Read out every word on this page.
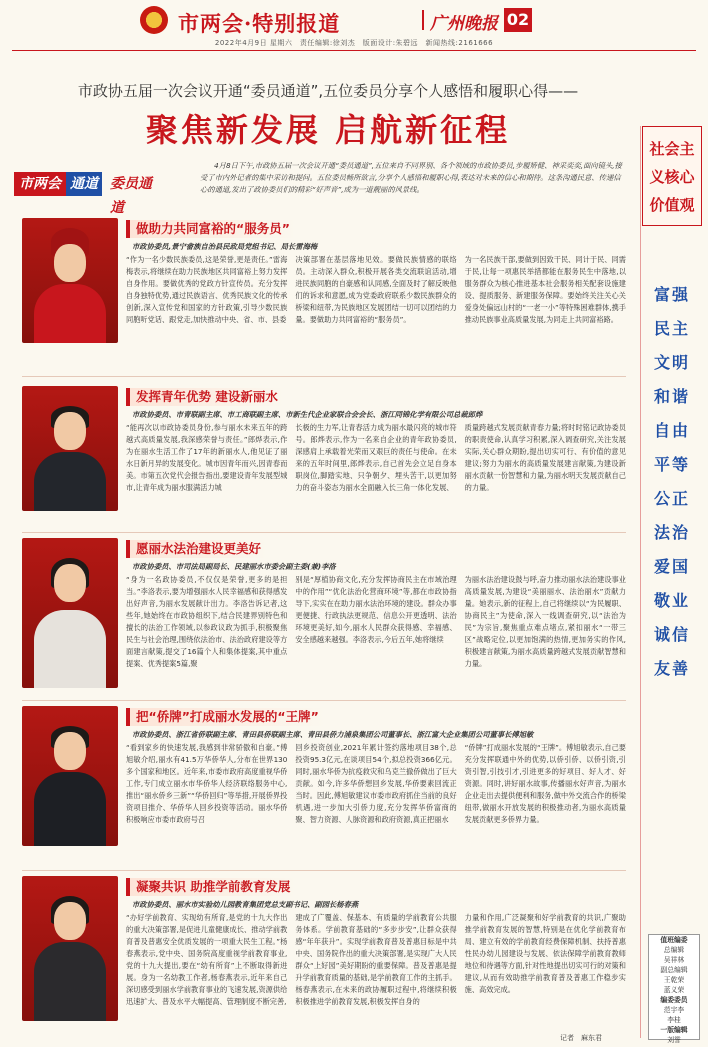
市两会·特别报道	广州晚报 02
2022年4月9日 星期六　责任编辑:徐刘杰　版面设计:朱碧远　新闻热线:2161666
市政协五届一次会议开通“委员通道”,五位委员分享个人感悟和履职心得——
聚焦新发展 启航新征程
市两会 通道 委员通道

4月8日下午,市政协五届一次会议开通“委员通道”,五位来自不同界别、各个领域的市政协委员,步履矫健、神采奕奕,面向镜头,接受了市内外记者的集中采访和提问。五位委员畅所欲言,分享个人感悟和履职心得,表达对未来的信心和期待。这条沟通民意、传递信心的通道,发出了政协委员们的精彩“好声音”,成为一道靓丽的风景线。

社会主义核心价值观
富强
民主
文明
和谐
自由
平等
公正
法治
爱国
敬业
诚信
友善
值班编委
总编辑
吴祥林
副总编辑
王乾荣
蓝义荣
编委委员
范宇李
李桂
一版编辑
刘誉
做助力共同富裕的“服务员”
市政协委员,景宁畲族自治县民政局党组书记、局长雷海梅

“作为一名少数民族委员,这是荣誉,更是责任。”雷海梅表示,将继续在助力民族地区共同富裕上努力发挥自身作用。要做优秀的党政方针宣传员。充分发挥自身独特优势,通过民族语言、优秀民族文化的传承创新,深入宣传党和国家的方针政策,引导少数民族同胞听党话、跟党走,加快推动中央、省、市、县委

决策部署在基层落地见效。要做民族情感的联络员。主动深入群众,积极开展各类交流联谊活动,增进民族同胞的自豪感和认同感,全面及时了解反映他们的诉求和意愿,成为党委政府联系少数民族群众的桥梁和纽带,为民族地区发展团结一切可以团结的力量。要做助力共同富裕的“服务员”。

为一名民族干部,要做到因致干民、同计于民、同需于民,让每一项惠民举措都能在服务民生中落地,以服务群众为核心推进基本社会服务相关配套设施建设、提质服务、新建服务保障。要始终关注关心关爱身处偏远山村的“一老一小”等特殊困难群体,携手推动民族事业高质量发展,为同走上共同富裕路。

发挥青年优势 建设新丽水
市政协委员、市青联副主席、市工商联副主席、市新生代企业家联合会会长、浙江同锦化学有限公司总裁郎烨

“能再次以市政协委员身份,参与丽水未来五年的跨越式高质量发展,我深感荣誉与责任。”郎烨表示,作为在丽水生活工作了17年的新丽水人,他见证了丽水日新月异的发展变化。城市因青年而兴,因青春而美。市第五次党代会报告指出,要建设青年发展型城市,让青年成为丽水服满活力城

长极的生力军,让青春活力成为丽水最闪亮的城市符号。郎烨表示,作为一名来自企业的青年政协委员,深感肩上承载着光荣而又艰巨的责任与使命。在未来的五年时间里,郎烨表示,自己首先会立足自身本职岗位,脚踏实地、只争朝夕、埋头苦干,以更加努力的奋斗姿态为丽水全面融入长三角一体化发展、

质量跨越式发展贡献青春力量;将时时铭记政协委员的职责使命,认真学习积累,深入调查研究,关注发展实际,关心群众期盼,提出切实可行、有价值的意见建议;努力为丽水的高质量发展建言献策,为建设新丽水贡献一份智慧和力量,为丽水明天发展贡献自己的力量。

愿丽水法治建设更美好
市政协委员、市司法局副局长、民建丽水市委会副主委(兼)李洛

“身为一名政协委员,不仅仅是荣誉,更多的是担当。”李洛表示,要为增强丽水人民幸福感和获得感发出好声音,为丽水发展献计出力。李洛告诉记者,这些年,她始终在市政协组织下,结合民建界别特色和擅长的法治工作领域,以参政议政为抓手,积极聚焦民生与社会治理,围绕依法治市、法治政府建设等方面建言献策,提交了16篇个人和集体提案,其中重点提案、优秀提案5篇,聚

别是“厚植协商文化,充分发挥协商民主在市域治理中的作用”“优化法治化营商环境”等,都在市政协指导下,实实在在助力丽水法治环境的建设。群众办事更便捷、行政执法更规范、信息公开更透明、法治环境更美好,如今,丽水人民群众获得感、幸福感、安全感越来越强。李洛表示,今后五年,她将继续

为丽水法治建设鼓与呼,奋力推动丽水法治建设事业高质量发展,为建设“美丽丽水、法治丽水”贡献力量。她表示,新的征程上,自己将继续以“为民履职、协商民主”为使命,深入一线调查研究,以“法治为民”为宗旨,聚焦重点难点堵点,紧扣丽水“一带三区”战略定位,以更加饱满的热情,更加务实的作风,积极建言献策,为丽水高质量跨越式发展贡献智慧和力量。

把“侨牌”打成丽水发展的“王牌”
市政协委员、浙江省侨联副主席、青田县侨联副主席、青田县侨力浦泉集团公司董事长、浙江富大企业集团公司董事长傅旭敏

“看到家乡的快速发展,我感到非常骄傲和自豪。”傅旭敏介绍,丽水有41.5万华侨华人,分布在世界130多个国家和地区。近年来,市委市政府高度重视华侨工作,专门成立丽水市华侨华人经济联络服务中心,推出“丽水侨乡三新”“华侨回归”等举措,开展侨界投资项目推介、华侨华人回乡投资等活动。丽水华侨积极响应市委市政府号召

回乡投资创业,2021年累计签约落地项目38个,总投资95.3亿元,在谈项目54个,拟总投资366亿元。同时,丽水华侨为抗疫救灾和乌克兰撤侨做出了巨大贡献。如今,许多华侨想回乡发展,华侨要素回流正当时。因此,傅旭敏建议市委市政府抓住当前的良好机遇,进一步加大引侨力度,充分发挥华侨富商的聚、智力资源、人脉资源和政府资源,真正把丽水

“侨牌”打成丽水发展的“王牌”。傅旭敏表示,自己要充分发挥联通中外的优势,以侨引侨、以侨引资,引资引智,引技引才,引进更多的好项目、好人才、好资源。同时,讲好丽水故事,传播丽水好声音,为丽水企业走出去提供便利和服务,做中外交流合作的桥梁纽带,做丽水开放发展的积极推动者,为丽水高质量发展贡献更多侨界力量。

凝聚共识 助推学前教育发展
市政协委员、丽水市实验幼儿园教育集团党总支副书记、副园长杨春燕

“办好学前教育、实现幼有所育,是党的十九大作出的重大决策部署,是促进儿童健康成长、推动学前教育普及普惠安全优质发展的一项重大民生工程。”杨春燕表示,党中央、国务院高度重视学前教育事业,党的十九大提出,要在“幼有所育”上不断取得新进展。身为一名幼教工作者,杨春燕表示,近年来自己深切感受到丽水学前教育事业的飞速发展,资源供给迅速扩大、普及水平大幅提高、管理制度不断完善,

建成了广覆盖、保基本、有质量的学前教育公共服务体系。学前教育基础的“多步步安”,让群众获得感“年年获升”。实现学前教育普及普惠目标是中共中央、国务院作出的重大决策部署,是实现广大人民群众“上好园”美好期盼的重要保障。普及普惠是提升学前教育质量的基础,是学前教育工作的主抓手。杨春燕表示,在未来的政协履职过程中,将继续积极积极推进学前教育发展,积极发挥自身的

力量和作用,广泛凝聚和好学前教育的共识,广聚助推学前教育发展的智慧,特别是在优化学前教育布局、建立有效的学前教育经费保障机制、扶持普惠性民办幼儿园建设与发展、依法保障学前教育教师地位和待遇等方面,针对性地提出切实可行的对策和建议,从而有效助推学前教育普及普惠工作稳步实施、高效完成。

记者　麻东君
